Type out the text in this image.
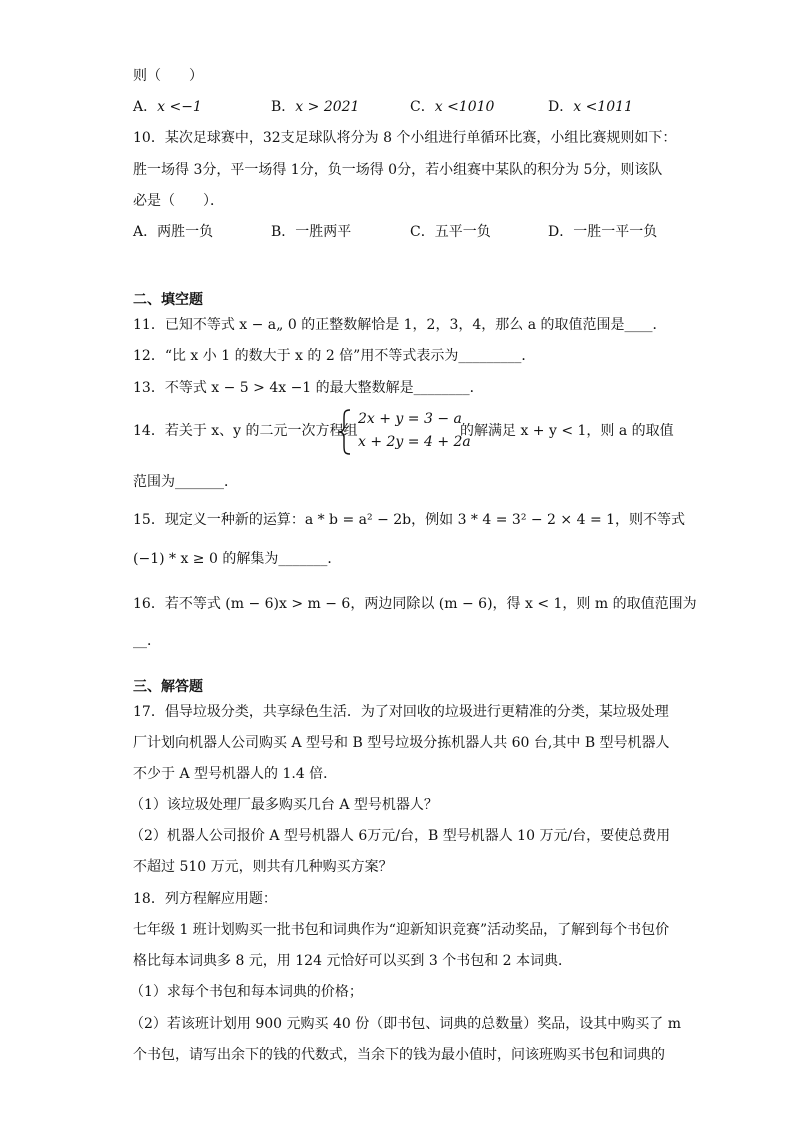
则（　　）
A．x <−1	B．x > 2021	C．x <1010	D．x <1011
10．某次足球赛中，32支足球队将分为 8 个小组进行单循环比赛，小组比赛规则如下：
胜一场得 3分，平一场得 1分，负一场得 0分，若小组赛中某队的积分为 5分，则该队
必是（　　）．
A．两胜一负	B．一胜两平	C．五平一负	D．一胜一平一负
二、填空题
11．已知不等式 x − a„ 0 的正整数解恰是 1，2，3，4，那么 a 的取值范围是____．
12．“比 x 小 1 的数大于 x 的 2 倍”用不等式表示为_________．
13．不等式 x − 5 > 4x −1 的最大整数解是________．
14．若关于 x、y 的二元一次方程组
2x + y = 3 − a
x + 2y = 4 + 2a
的解满足 x + y < 1，则 a 的取值
范围为_______．
15．现定义一种新的运算：a * b = a² − 2b，例如 3 * 4 = 3² − 2 × 4 = 1，则不等式
(−1) * x ≥ 0 的解集为_______．
16．若不等式 (m − 6)x > m − 6，两边同除以 (m − 6)，得 x < 1，则 m 的取值范围为
__．
三、解答题
17．倡导垃圾分类，共享绿色生活．为了对回收的垃圾进行更精准的分类，某垃圾处理
厂计划向机器人公司购买 A 型号和 B 型号垃圾分拣机器人共 60 台,其中 B 型号机器人
不少于 A 型号机器人的 1.4 倍．
（1）该垃圾处理厂最多购买几台 A 型号机器人？
（2）机器人公司报价 A 型号机器人 6万元/台，B 型号机器人 10 万元/台，要使总费用
不超过 510 万元，则共有几种购买方案？
18．列方程解应用题：
七年级 1 班计划购买一批书包和词典作为“迎新知识竞赛”活动奖品，了解到每个书包价
格比每本词典多 8 元，用 124 元恰好可以买到 3 个书包和 2 本词典．
（1）求每个书包和每本词典的价格；
（2）若该班计划用 900 元购买 40 份（即书包、词典的总数量）奖品，设其中购买了 m
个书包，请写出余下的钱的代数式，当余下的钱为最小值时，问该班购买书包和词典的
